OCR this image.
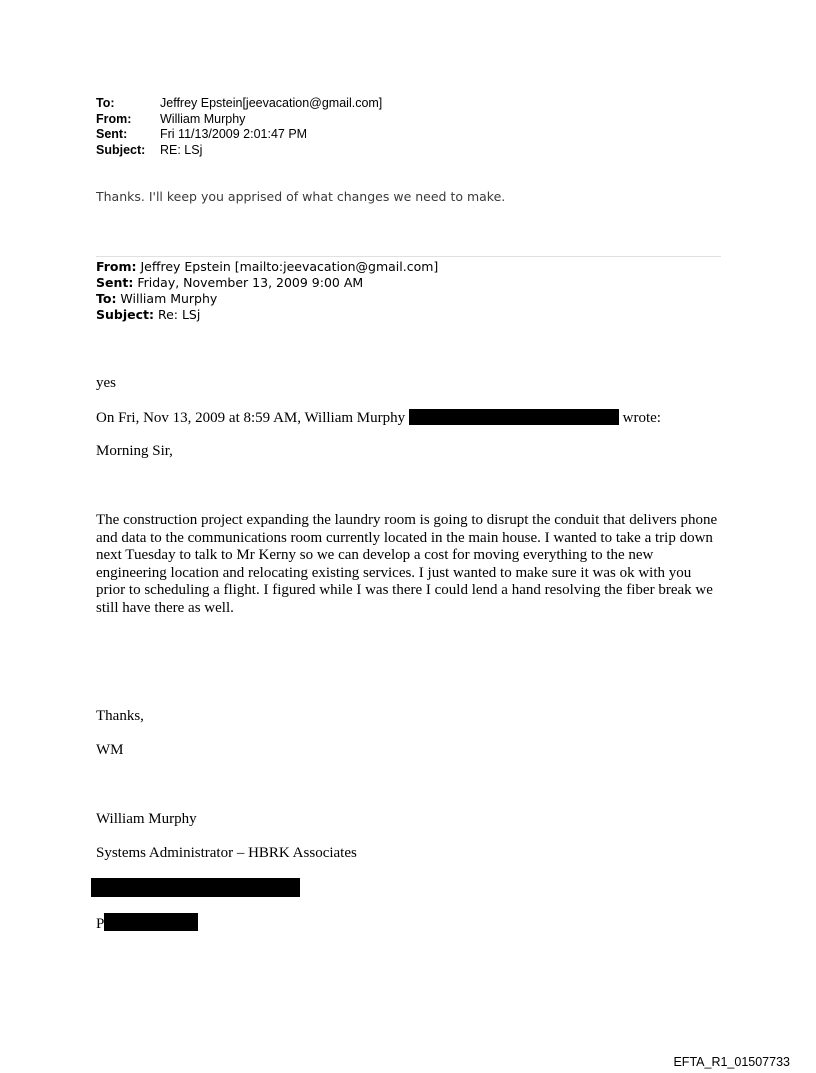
To:	Jeffrey Epstein[jeevacation@gmail.com]
From:	William Murphy
Sent:	Fri 11/13/2009 2:01:47 PM
Subject:	RE: LSj
Thanks. I'll keep you apprised of what changes we need to make.
From: Jeffrey Epstein [mailto:jeevacation@gmail.com]
Sent: Friday, November 13, 2009 9:00 AM
To: William Murphy
Subject: Re: LSj
yes
On Fri, Nov 13, 2009 at 8:59 AM, William Murphy	wrote:
Morning Sir,
The construction project expanding the laundry room is going to disrupt the conduit that delivers phone and data to the communications room currently located in the main house. I wanted to take a trip down next Tuesday to talk to Mr Kerny so we can develop a cost for moving everything to the new engineering location and relocating existing services. I just wanted to make sure it was ok with you prior to scheduling a flight. I figured while I was there I could lend a hand resolving the fiber break we still have there as well.
Thanks,
WM
William Murphy
Systems Administrator – HBRK Associates
P
EFTA_R1_01507733
